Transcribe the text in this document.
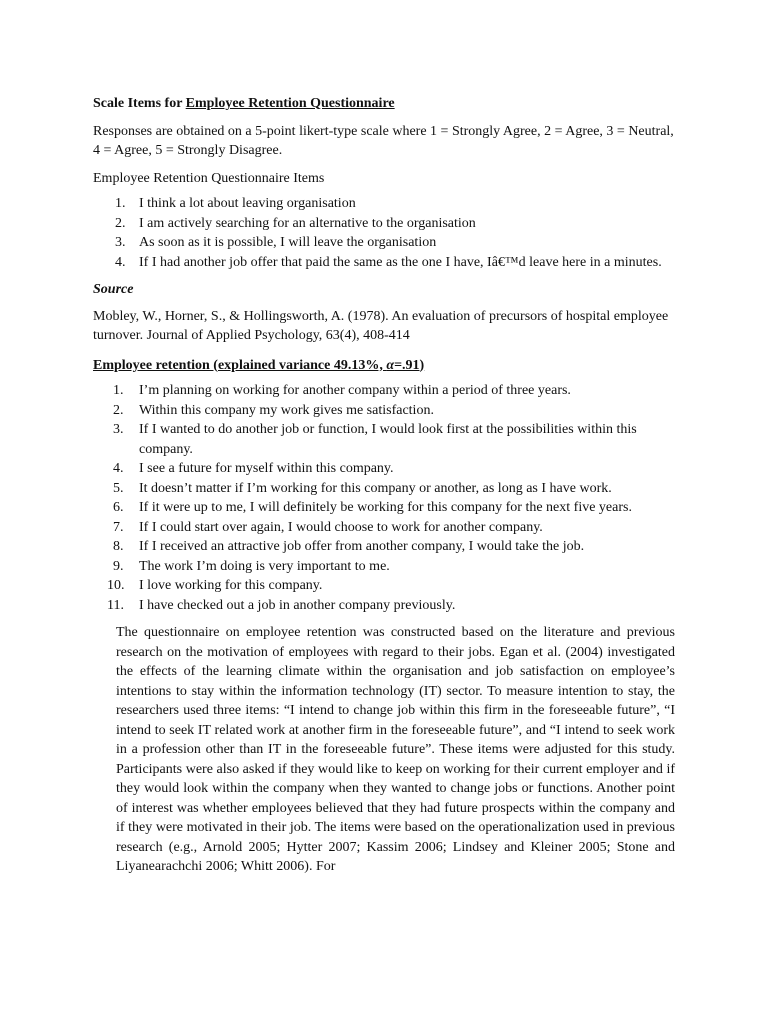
Scale Items for Employee Retention Questionnaire

Responses are obtained on a 5-point likert-type scale where 1 = Strongly Agree, 2 = Agree, 3 = Neutral, 4 = Agree, 5 = Strongly Disagree.

Employee Retention Questionnaire Items

1. I think a lot about leaving organisation
2. I am actively searching for an alternative to the organisation
3. As soon as it is possible, I will leave the organisation
4. If I had another job offer that paid the same as the one I have, Iâ€™d leave here in a minutes.
Source

Mobley, W., Horner, S., & Hollingsworth, A. (1978). An evaluation of precursors of hospital employee turnover. Journal of Applied Psychology, 63(4), 408-414

Employee retention (explained variance 49.13%, α=.91)
1. I’m planning on working for another company within a period of three years.
2. Within this company my work gives me satisfaction.
3. If I wanted to do another job or function, I would look first at the possibilities within this company.
4. I see a future for myself within this company.
5. It doesn’t matter if I’m working for this company or another, as long as I have work.
6. If it were up to me, I will definitely be working for this company for the next five years.
7. If I could start over again, I would choose to work for another company.
8. If I received an attractive job offer from another company, I would take the job.
9. The work I’m doing is very important to me.
10. I love working for this company.
11. I have checked out a job in another company previously.

The questionnaire on employee retention was constructed based on the literature and previous research on the motivation of employees with regard to their jobs. Egan et al. (2004) investigated the effects of the learning climate within the organisation and job satisfaction on employee’s intentions to stay within the information technology (IT) sector. To measure intention to stay, the researchers used three items: “I intend to change job within this firm in the foreseeable future”, “I intend to seek IT related work at another firm in the foreseeable future”, and “I intend to seek work in a profession other than IT in the foreseeable future”. These items were adjusted for this study. Participants were also asked if they would like to keep on working for their current employer and if they would look within the company when they wanted to change jobs or functions. Another point of interest was whether employees believed that they had future prospects within the company and if they were motivated in their job. The items were based on the operationalization used in previous research (e.g., Arnold 2005; Hytter 2007; Kassim 2006; Lindsey and Kleiner 2005; Stone and Liyanearachchi 2006; Whitt 2006). For
